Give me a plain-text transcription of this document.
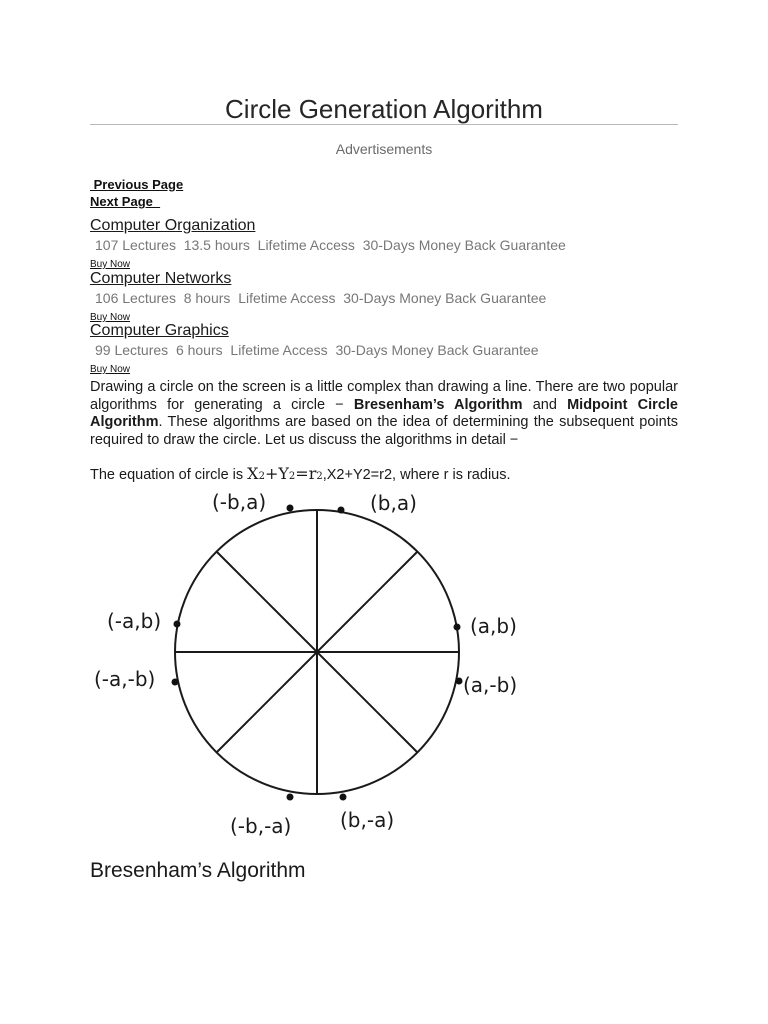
Circle Generation Algorithm
Advertisements
Previous Page
Next Page
Computer Organization
107 Lectures  13.5 hours  Lifetime Access  30-Days Money Back Guarantee
Buy Now
Computer Networks
106 Lectures  8 hours  Lifetime Access  30-Days Money Back Guarantee
Buy Now
Computer Graphics
99 Lectures  6 hours  Lifetime Access  30-Days Money Back Guarantee
Buy Now

Drawing a circle on the screen is a little complex than drawing a line. There are two popular algorithms for generating a circle − Bresenham’s Algorithm and Midpoint Circle Algorithm. These algorithms are based on the idea of determining the subsequent points required to draw the circle. Let us discuss the algorithms in detail −

The equation of circle is X2+Y2=r2,X2+Y2=r2, where r is radius.
(-b,a)	(b,a)
(-a,b)	(a,b)
(-a,-b)	(a,-b)
(-b,-a) (b,-a)
Bresenham’s Algorithm
